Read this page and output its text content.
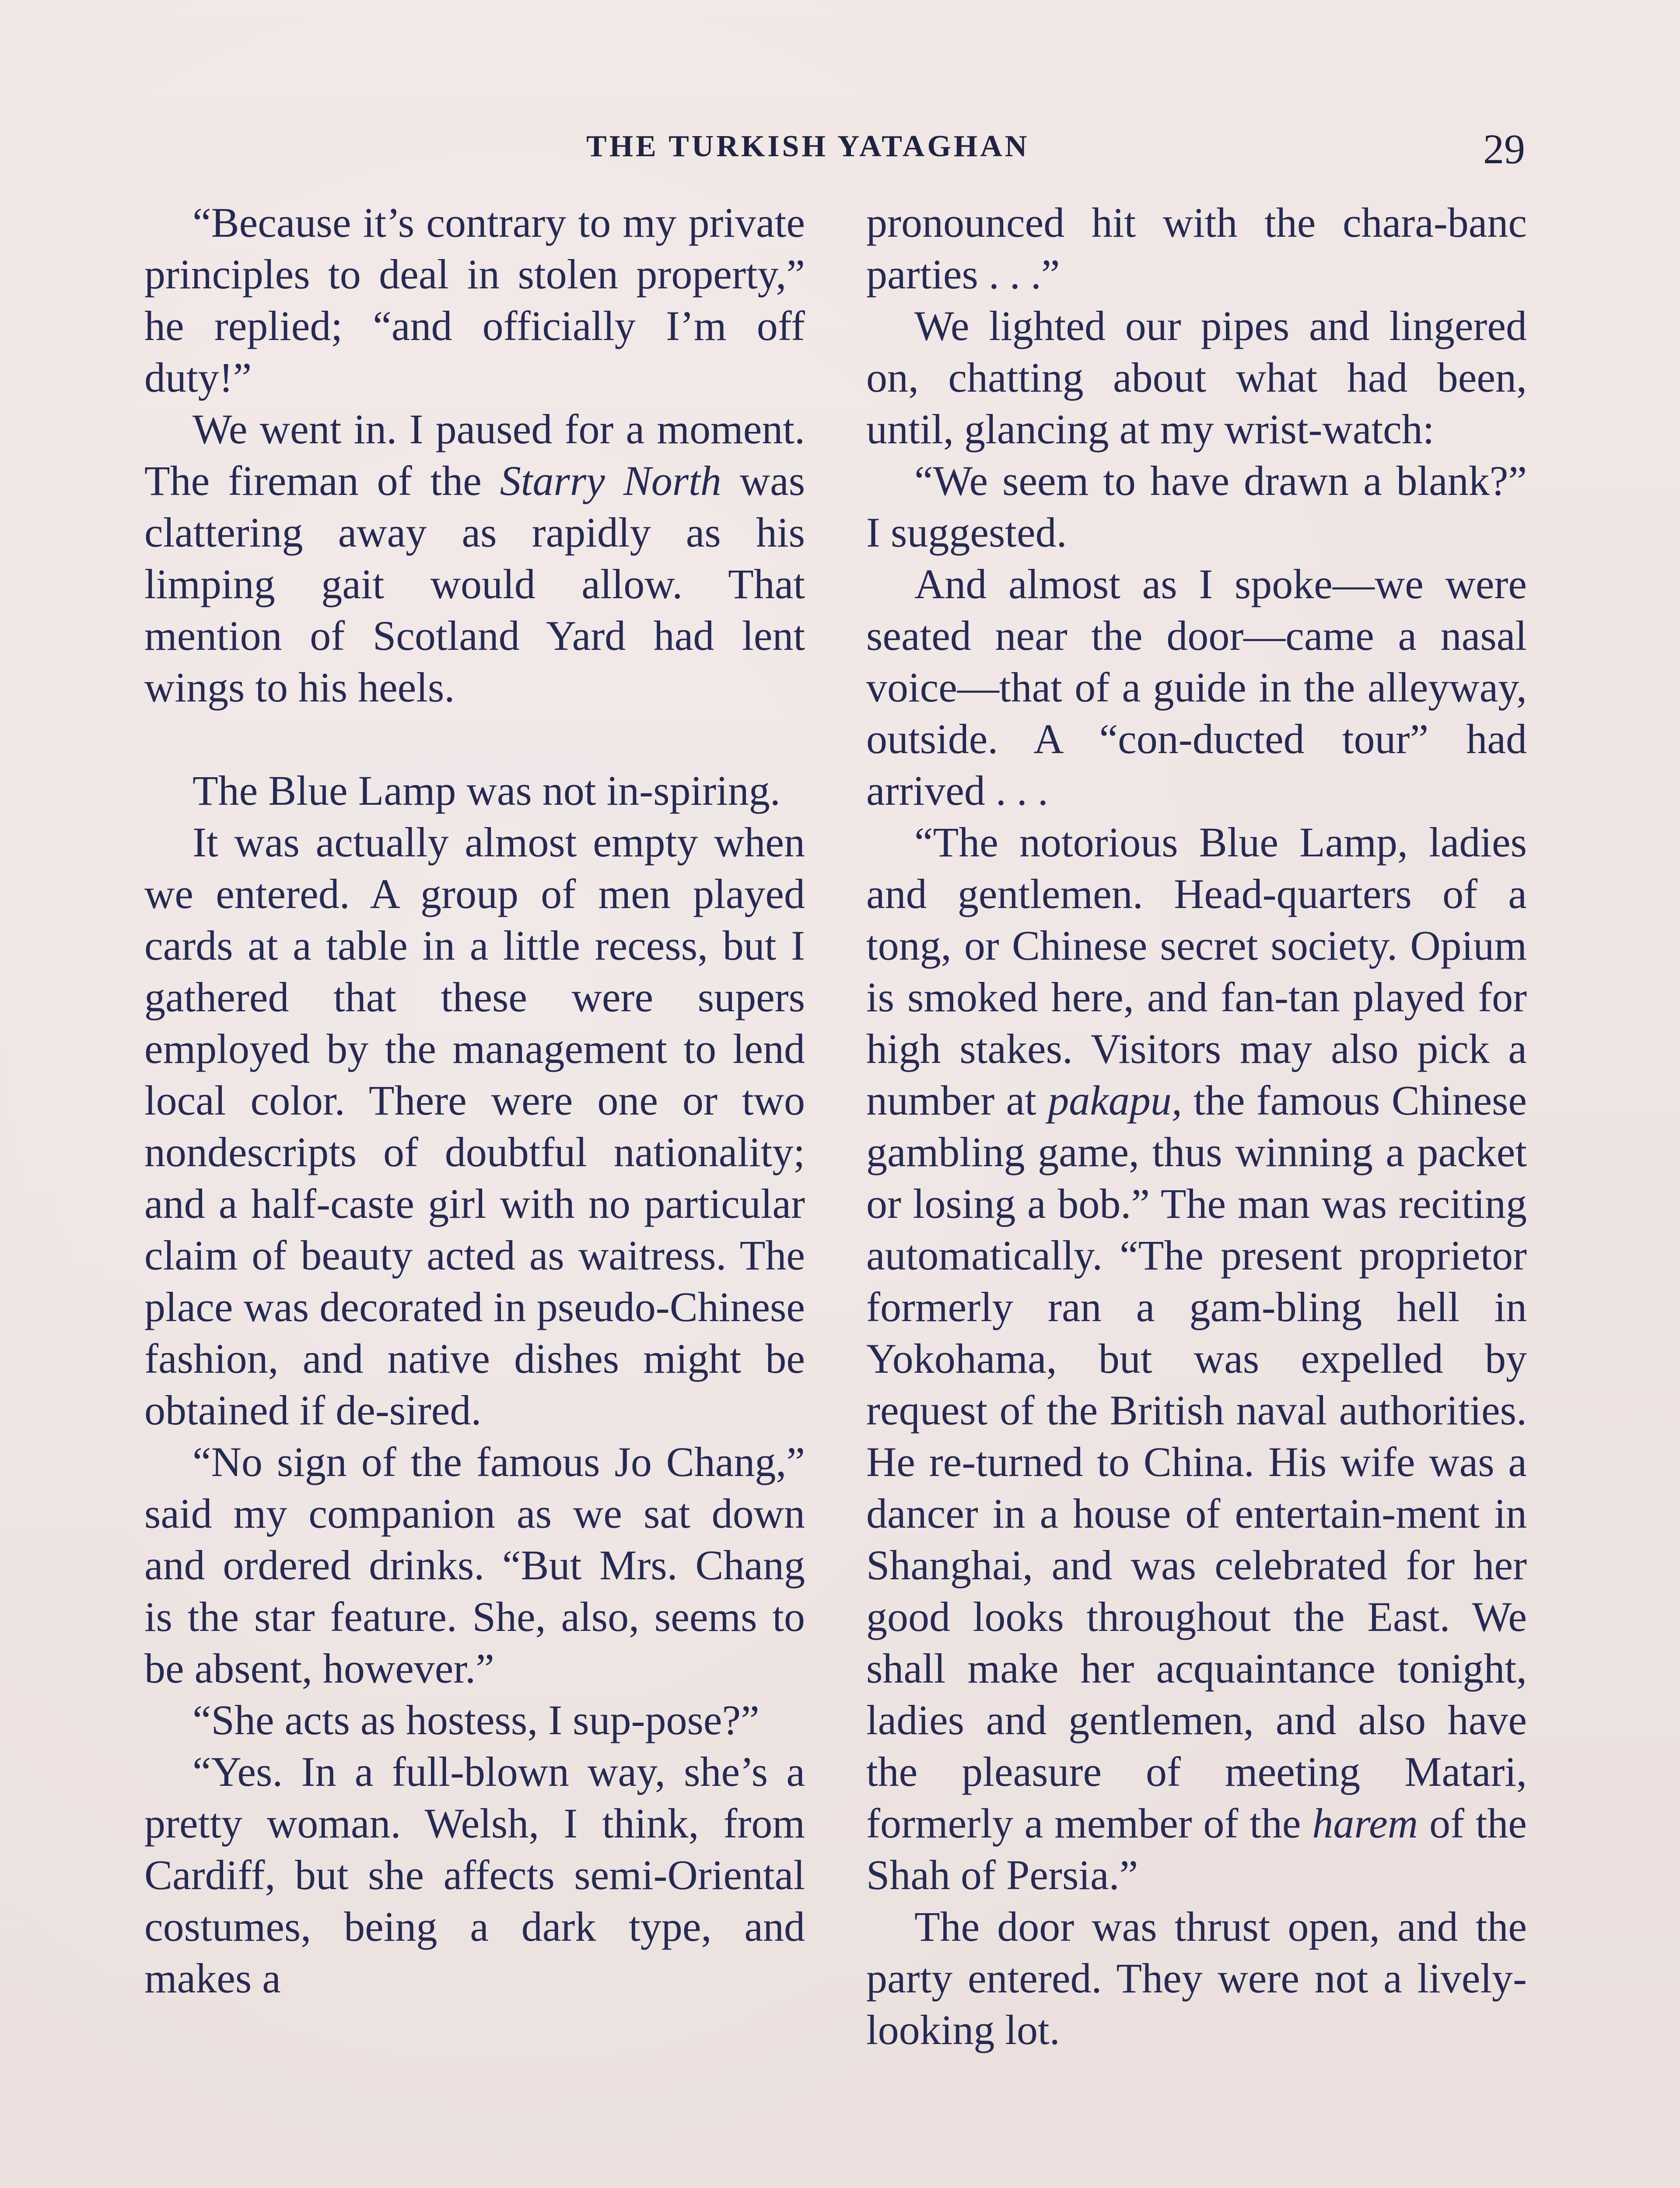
THE TURKISH YATAGHAN	29

“Because it’s contrary to my private principles to deal in stolen property,” he replied; “and officially I’m off duty!”

We went in. I paused for a moment. The fireman of the Starry North was clattering away as rapidly as his limping gait would allow. That mention of Scotland Yard had lent wings to his heels.

The Blue Lamp was not in-spiring.

It was actually almost empty when we entered. A group of men played cards at a table in a little recess, but I gathered that these were supers employed by the management to lend local color. There were one or two nondescripts of doubtful nationality; and a half-caste girl with no particular claim of beauty acted as waitress. The place was decorated in pseudo-Chinese fashion, and native dishes might be obtained if de-sired.

“No sign of the famous Jo Chang,” said my companion as we sat down and ordered drinks. “But Mrs. Chang is the star feature. She, also, seems to be absent, however.”

“She acts as hostess, I sup-pose?”

“Yes. In a full-blown way, she’s a pretty woman. Welsh, I think, from Cardiff, but she affects semi-Oriental costumes, being a dark type, and makes a

pronounced hit with the chara-banc parties . . .”

We lighted our pipes and lingered on, chatting about what had been, until, glancing at my wrist-watch:

“We seem to have drawn a blank?” I suggested.

And almost as I spoke—we were seated near the door—came a nasal voice—that of a guide in the alleyway, outside. A “con-ducted tour” had arrived . . .

“The notorious Blue Lamp, ladies and gentlemen. Head-quarters of a tong, or Chinese secret society. Opium is smoked here, and fan-tan played for high stakes. Visitors may also pick a number at pakapu, the famous Chinese gambling game, thus winning a packet or losing a bob.” The man was reciting automatically. “The present proprietor formerly ran a gam-bling hell in Yokohama, but was expelled by request of the British naval authorities. He re-turned to China. His wife was a dancer in a house of entertain-ment in Shanghai, and was celebrated for her good looks throughout the East. We shall make her acquaintance tonight, ladies and gentlemen, and also have the pleasure of meeting Matari, formerly a member of the harem of the Shah of Persia.”

The door was thrust open, and the party entered. They were not a lively-looking lot.
